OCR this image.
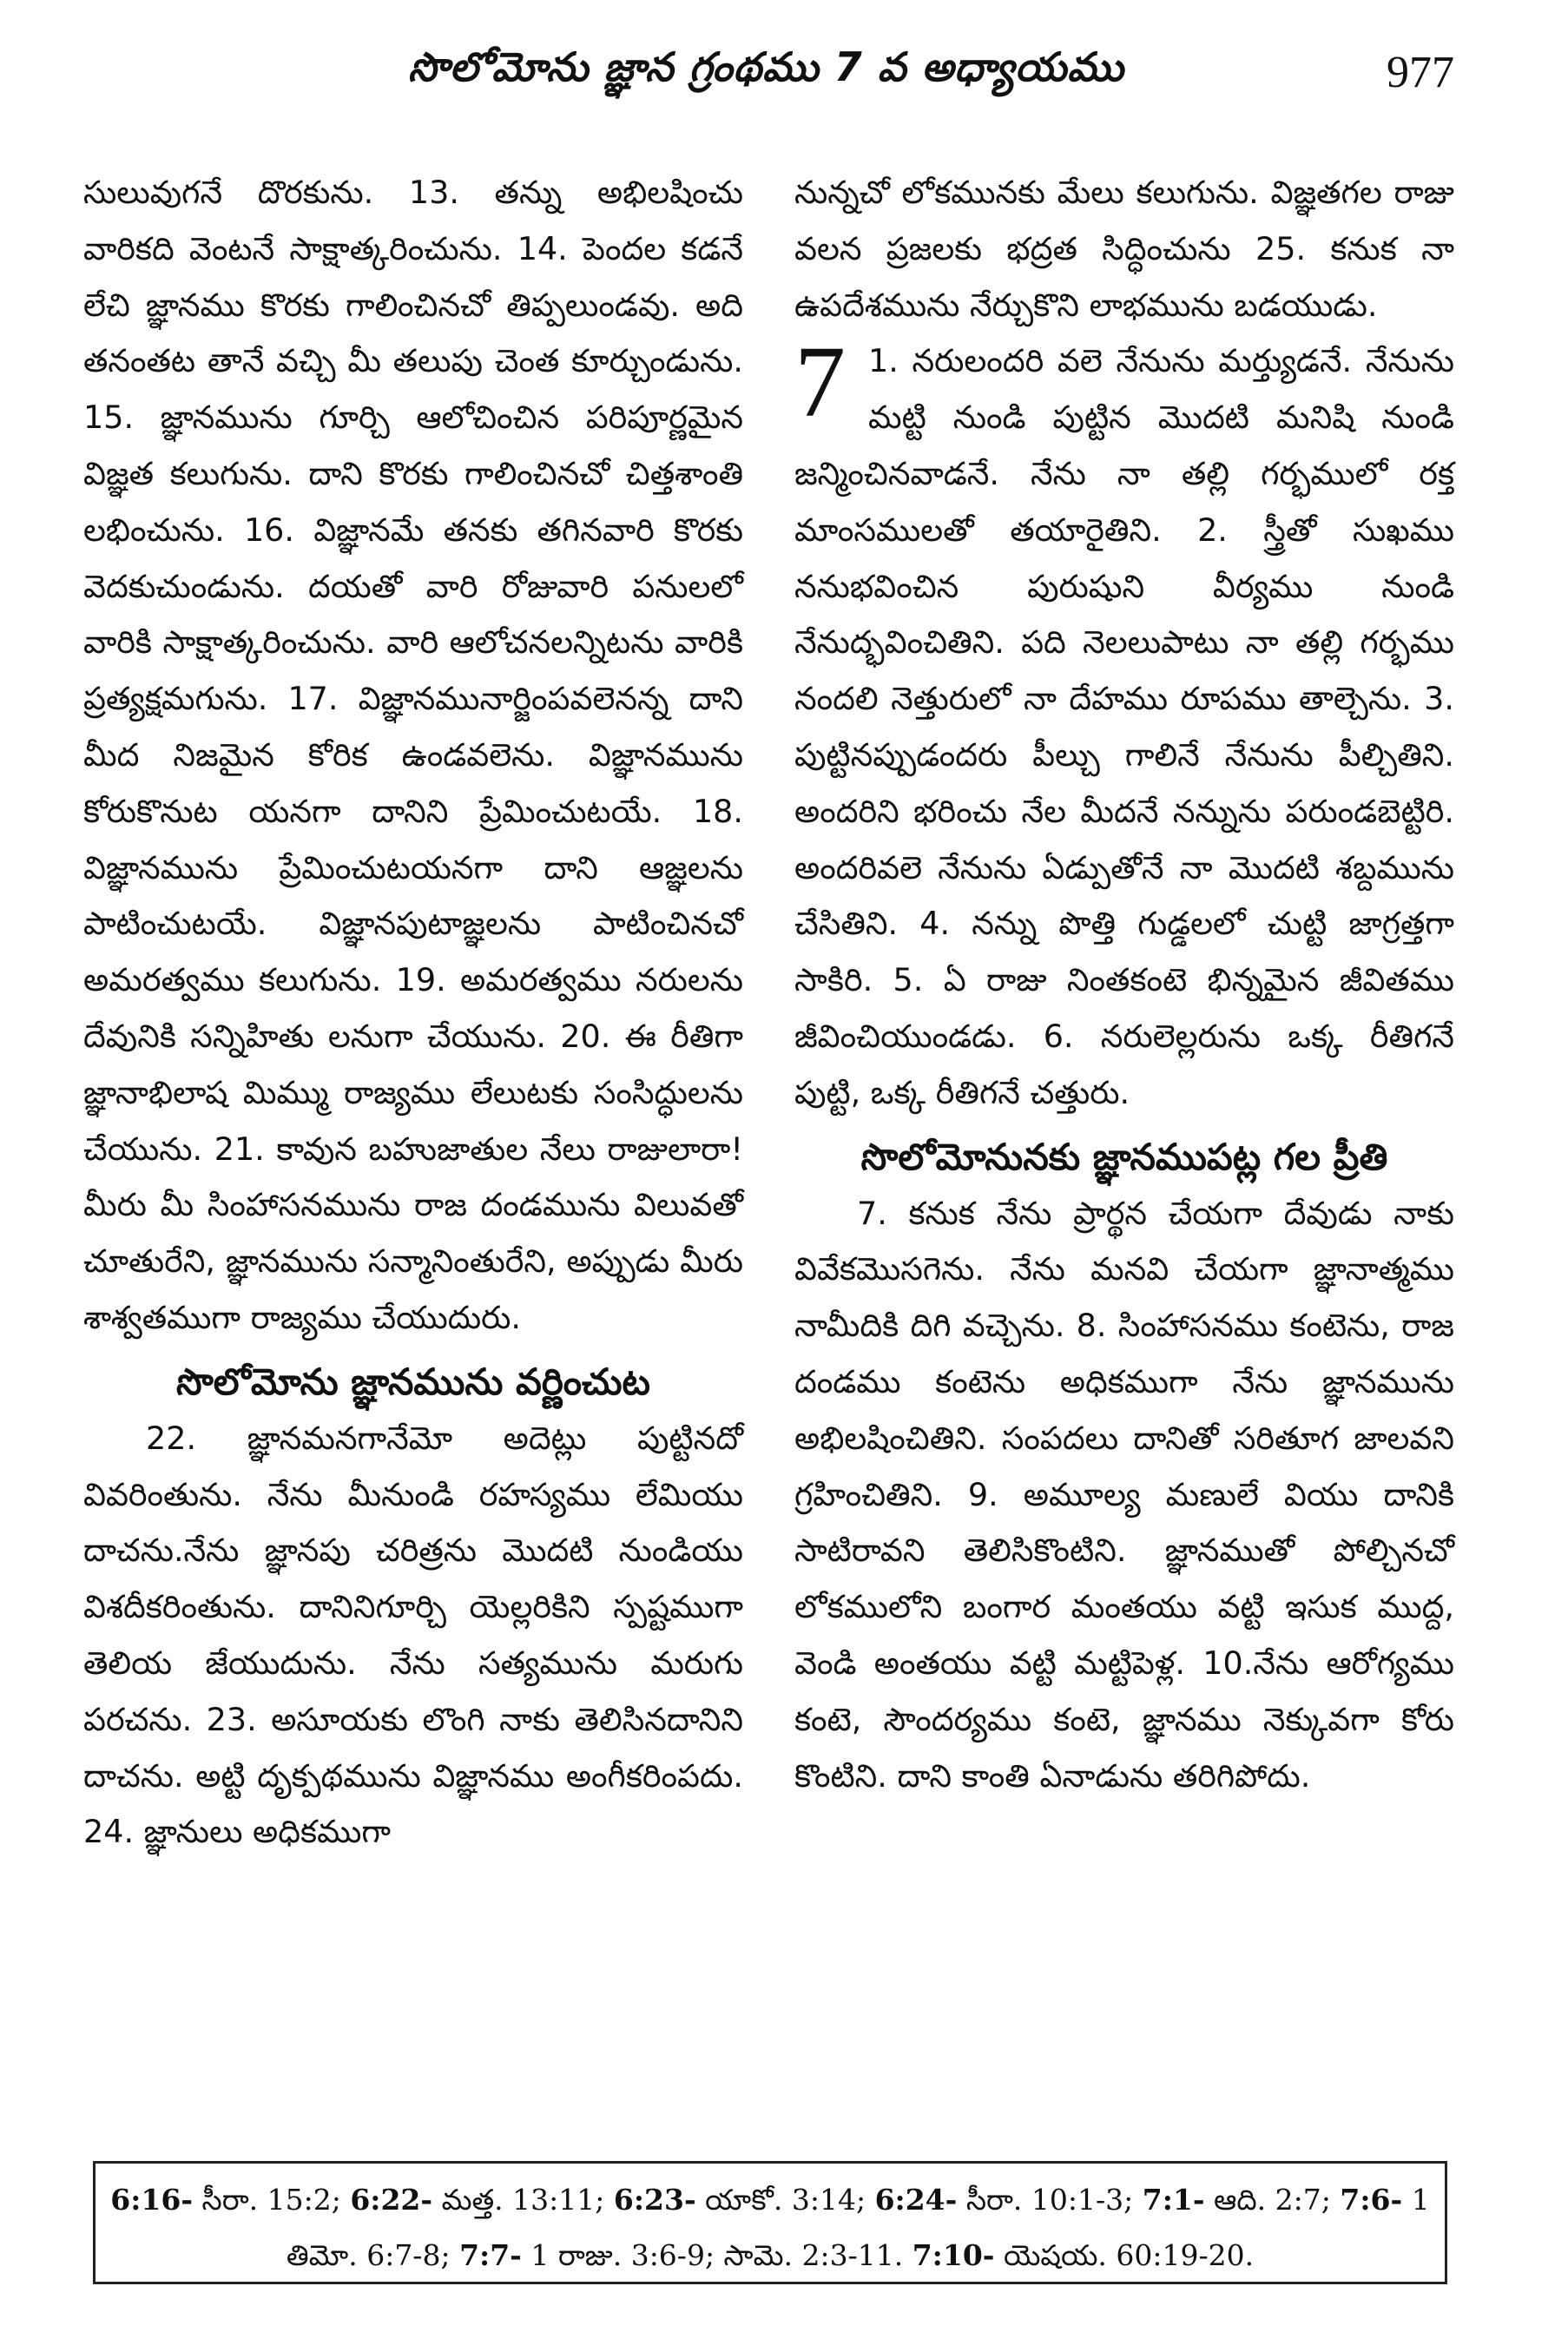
సొలోమోను జ్ఞాన గ్రంథము 7 వ అధ్యాయము	977

సులువుగనే దొరకును. 13. తన్ను అభిలషించు వారికది వెంటనే సాక్షాత్కరించును. 14. పెందల కడనే లేచి జ్ఞానము కొరకు గాలించినచో తిప్పలుండవు. అది తనంతట తానే వచ్చి మీ తలుపు చెంత కూర్చుండును. 15. జ్ఞానమును గూర్చి ఆలోచించిన పరిపూర్ణమైన విజ్ఞత కలుగును. దాని కొరకు గాలించినచో చిత్తశాంతి లభించును. 16. విజ్ఞానమే తనకు తగినవారి కొరకు వెదకుచుండును. దయతో వారి రోజువారి పనులలో వారికి సాక్షాత్కరించును. వారి ఆలోచనలన్నిటను వారికి ప్రత్యక్షమగును. 17. విజ్ఞానమునార్జింపవలెనన్న దాని మీద నిజమైన కోరిక ఉండవలెను. విజ్ఞానమును కోరుకొనుట యనగా దానిని ప్రేమించుటయే. 18. విజ్ఞానమును ప్రేమించుటయనగా దాని ఆజ్ఞలను పాటించుటయే. విజ్ఞానపుటాజ్ఞలను పాటించినచో అమరత్వము కలుగును. 19. అమరత్వము నరులను దేవునికి సన్నిహితు లనుగా చేయును. 20. ఈ రీతిగా జ్ఞానాభిలాష మిమ్ము రాజ్యము లేలుటకు సంసిద్ధులను చేయును. 21. కావున బహుజాతుల నేలు రాజులారా! మీరు మీ సింహాసనమును రాజ దండమును విలువతో చూతురేని, జ్ఞానమును సన్మానింతురేని, అప్పుడు మీరు శాశ్వతముగా రాజ్యము చేయుదురు.

సొలోమోను జ్ఞానమును వర్ణించుట

22. జ్ఞానమనగానేమో అదెట్లు పుట్టినదో వివరింతును. నేను మీనుండి రహస్యము లేమియు దాచను.నేను జ్ఞానపు చరిత్రను మొదటి నుండియు విశదీకరింతును. దానినిగూర్చి యెల్లరికిని స్పష్టముగా తెలియ జేయుదును. నేను సత్యమును మరుగు పరచను. 23. అసూయకు లొంగి నాకు తెలిసినదానిని దాచను. అట్టి దృక్పథమును విజ్ఞానము అంగీకరింపదు. 24. జ్ఞానులు అధికముగా

నున్నచో లోకమునకు మేలు కలుగును. విజ్ఞతగల రాజు వలన ప్రజలకు భద్రత సిద్ధించును 25. కనుక నా ఉపదేశమును నేర్చుకొని లాభమును బడయుడు.

7 1. నరులందరి వలె నేనును మర్త్యుడనే. నేనును మట్టి నుండి పుట్టిన మొదటి మనిషి నుండి జన్మించినవాడనే. నేను నా తల్లి గర్భములో రక్త మాంసములతో తయారైతిని. 2. స్త్రీతో సుఖము ననుభవించిన పురుషుని వీర్యము నుండి నేనుద్భవించితిని. పది నెలలుపాటు నా తల్లి గర్భము నందలి నెత్తురులో నా దేహము రూపము తాల్చెను. 3. పుట్టినప్పుడందరు పీల్చు గాలినే నేనును పీల్చితిని. అందరిని భరించు నేల మీదనే నన్నును పరుండబెట్టిరి. అందరివలె నేనును ఏడ్పుతోనే నా మొదటి శబ్దమును చేసితిని. 4. నన్ను పొత్తి గుడ్డలలో చుట్టి జాగ్రత్తగా సాకిరి. 5. ఏ రాజు నింతకంటె భిన్నమైన జీవితము జీవించియుండడు. 6. నరులెల్లరును ఒక్క రీతిగనే పుట్టి, ఒక్క రీతిగనే చత్తురు.

సొలోమోనునకు జ్ఞానముపట్ల గల ప్రీతి

7. కనుక నేను ప్రార్థన చేయగా దేవుడు నాకు వివేకమొసగెను. నేను మనవి చేయగా జ్ఞానాత్మము నామీదికి దిగి వచ్చెను. 8. సింహాసనము కంటెను, రాజ దండము కంటెను అధికముగా నేను జ్ఞానమును అభిలషించితిని. సంపదలు దానితో సరితూగ జాలవని గ్రహించితిని. 9. అమూల్య మణులే వియు దానికి సాటిరావని తెలిసికొంటిని. జ్ఞానముతో పోల్చినచో లోకములోని బంగార మంతయు వట్టి ఇసుక ముద్ద, వెండి అంతయు వట్టి మట్టిపెళ్ల. 10.నేను ఆరోగ్యము కంటె, సౌందర్యము కంటె, జ్ఞానము నెక్కువగా కోరు కొంటిని. దాని కాంతి ఏనాడును తరిగిపోదు.

6:16- సీరా. 15:2; 6:22- మత్త. 13:11; 6:23- యాకో. 3:14; 6:24- సీరా. 10:1-3; 7:1- ఆది. 2:7; 7:6- 1 తిమో. 6:7-8; 7:7- 1 రాజు. 3:6-9; సామె. 2:3-11. 7:10- యెషయ. 60:19-20.
